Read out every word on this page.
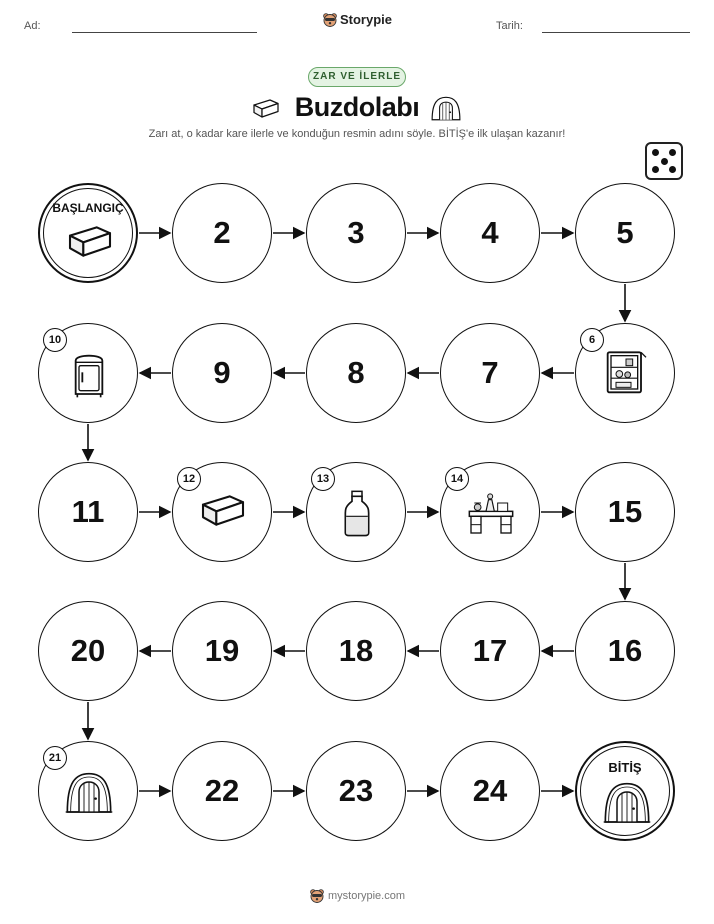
Ad:	Storypie	Tarih:
ZAR VE İLERLE
Buzdolabı
Zarı at, o kadar kare ilerle ve konduğun resmin adını söyle. BİTİŞ'e ilk ulaşan kazanır!
BAŞLANGIÇ
2	3	4	5
6
7
8
9
10
11
12	13	14
15
16
17
18
19
20
21
22	23	24
BİTİŞ
mystorypie.com
